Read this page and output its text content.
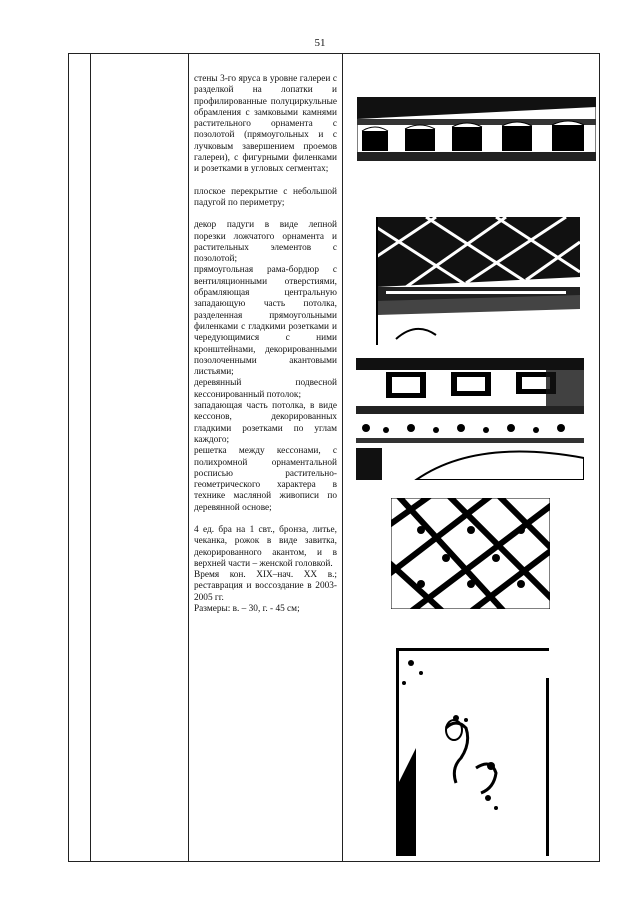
51

стены 3-го яруса в уровне галереи с разделкой на лопатки и профилированные полуциркульные обрамления с замковыми камнями растительного орнамента с позолотой (прямоугольных и с лучковым завершением проемов галереи), с фигурными филенками и розетками в угловых сегментах;

плоское перекрытие с небольшой падугой по периметру;

декор падуги в виде лепной порезки ложчатого орнамента и растительных элементов с позолотой;

прямоугольная рама-бордюр с вентиляционными отверстиями, обрамляющая центральную западающую часть потолка, разделенная прямоугольными филенками с гладкими розетками и чередующимися с ними кронштейнами, декорированными позолоченными акантовыми листьями;

деревянный подвесной кессонированный потолок;

западающая часть потолка, в виде кессонов, декорированных гладкими розетками по углам каждого;

решетка между кессонами, с полихромной орнаментальной росписью растительно-геометрического характера в технике масляной живописи по деревянной основе;

4 ед. бра на 1 свт., бронза, литье, чеканка, рожок в виде завитка, декорированного акантом, и в верхней части – женской головкой.

Время кон. XIX–нач. XX в.; реставрация и воссоздание в 2003-2005 гг.

Размеры: в. – 30, г. - 45 см;
